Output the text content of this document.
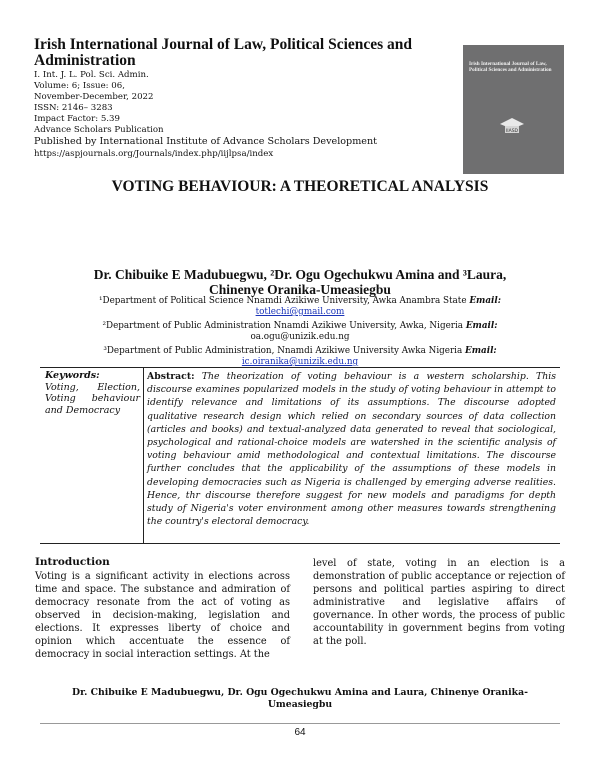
Irish International Journal of Law, Political Sciences and Administration
I. Int. J. L. Pol. Sci. Admin.
Volume: 6; Issue: 06,
November-December, 2022
ISSN: 2146– 3283
Impact Factor: 5.39
Advance Scholars Publication
Published by International Institute of Advance Scholars Development
https://aspjournals.org/Journals/index.php/iijlpsa/index
Irish International Journal of Law, Political Sciences and Administration
IIASD
VOTING BEHAVIOUR: A THEORETICAL ANALYSIS
Dr. Chibuike E Madubuegwu, ²Dr. Ogu Ogechukwu Amina and ³Laura,
Chinenye Oranika-Umeasiegbu
¹Department of Political Science Nnamdi Azikiwe University, Awka Anambra State Email:
totlechi@gmail.com
²Department of Public Administration Nnamdi Azikiwe University, Awka, Nigeria Email:
oa.ogu@unizik.edu.ng
³Department of Public Administration, Nnamdi Azikiwe University Awka Nigeria Email:
ic.oiranika@unizik.edu.ng
Keywords:
Voting, Election, Voting behaviour and Democracy
Abstract: The theorization of voting behaviour is a western scholarship. This discourse examines popularized models in the study of voting behaviour in attempt to identify relevance and limitations of its assumptions. The discourse adopted qualitative research design which relied on secondary sources of data collection (articles and books) and textual-analyzed data generated to reveal that sociological, psychological and rational-choice models are watershed in the scientific analysis of voting behaviour amid methodological and contextual limitations. The discourse further concludes that the applicability of the assumptions of these models in developing democracies such as Nigeria is challenged by emerging adverse realities. Hence, thr discourse therefore suggest for new models and paradigms for depth study of Nigeria's voter environment among other measures towards strengthening the country's electoral democracy.
Introduction
Voting is a significant activity in elections across time and space. The substance and admiration of democracy resonate from the act of voting as observed in decision-making, legislation and elections. It expresses liberty of choice and opinion which accentuate the essence of democracy in social interaction settings. At the
level of state, voting in an election is a demonstration of public acceptance or rejection of persons and political parties aspiring to direct administrative and legislative affairs of governance. In other words, the process of public accountability in government begins from voting at the poll.
Dr. Chibuike E Madubuegwu, Dr. Ogu Ogechukwu Amina and Laura, Chinenye Oranika-
Umeasiegbu
64
